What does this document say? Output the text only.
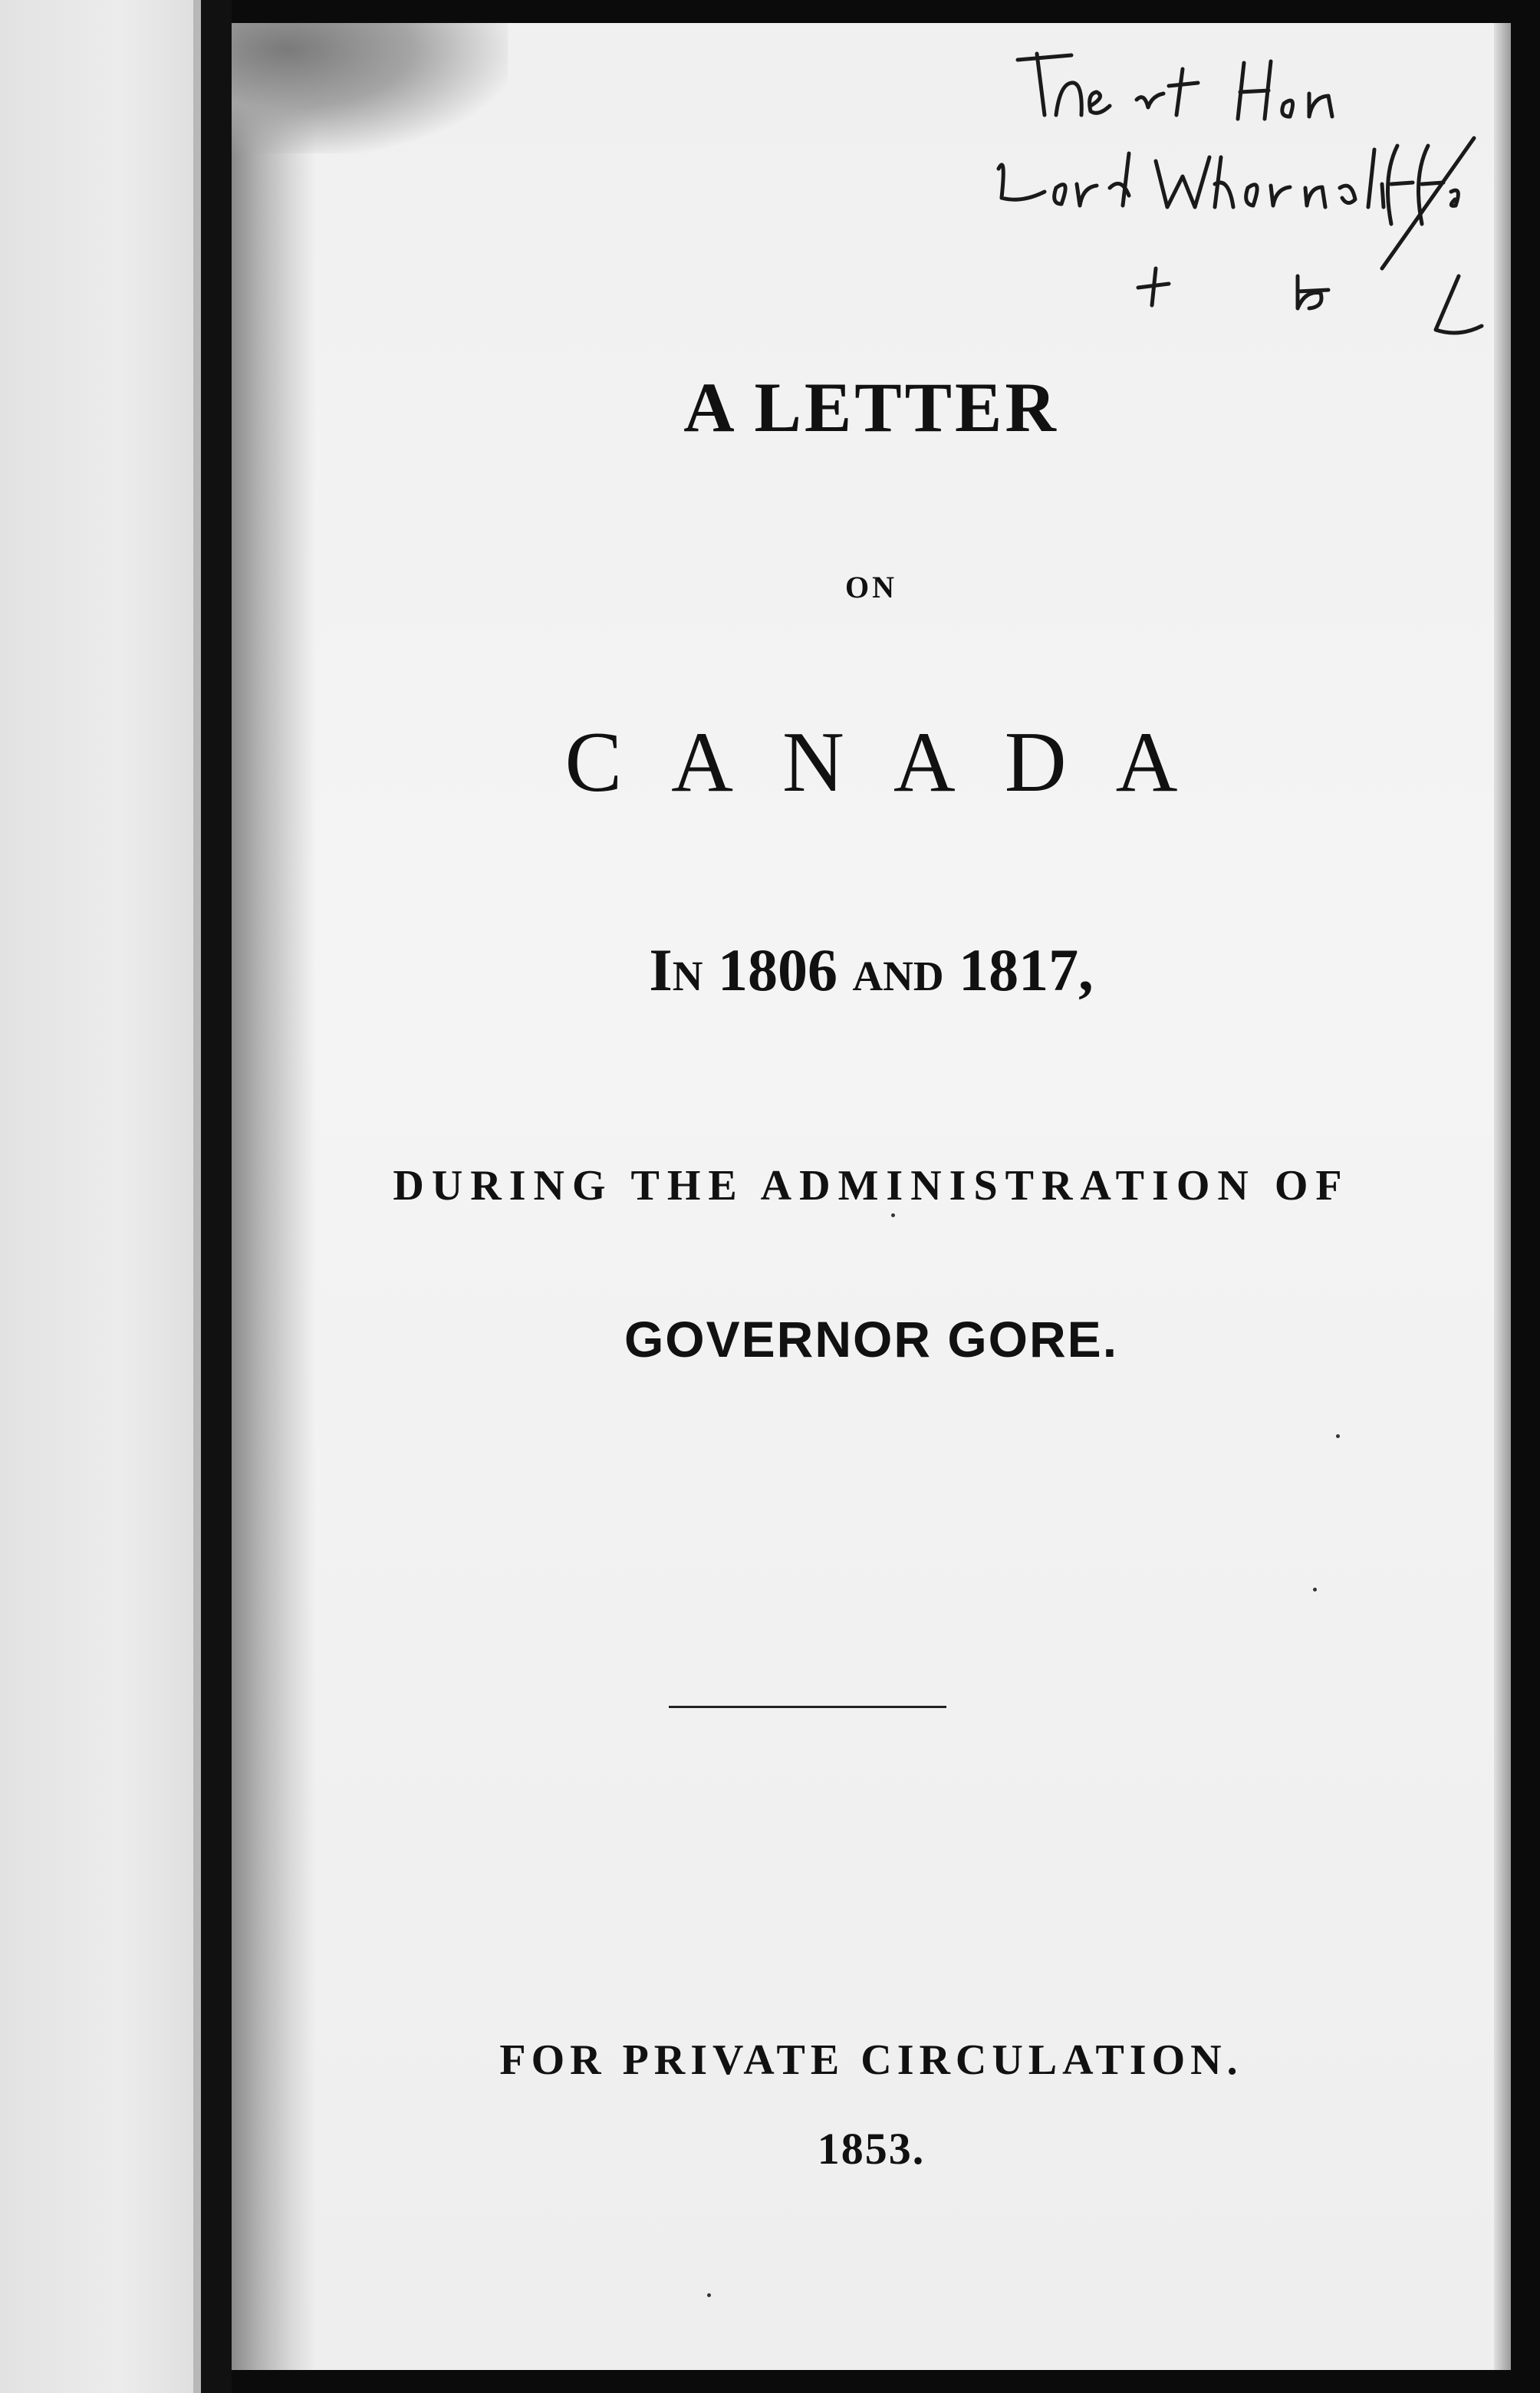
A LETTER

ON

CANADA

In 1806 and 1817,

DURING THE ADMINISTRATION OF

GOVERNOR GORE.

FOR PRIVATE CIRCULATION.

1853.
